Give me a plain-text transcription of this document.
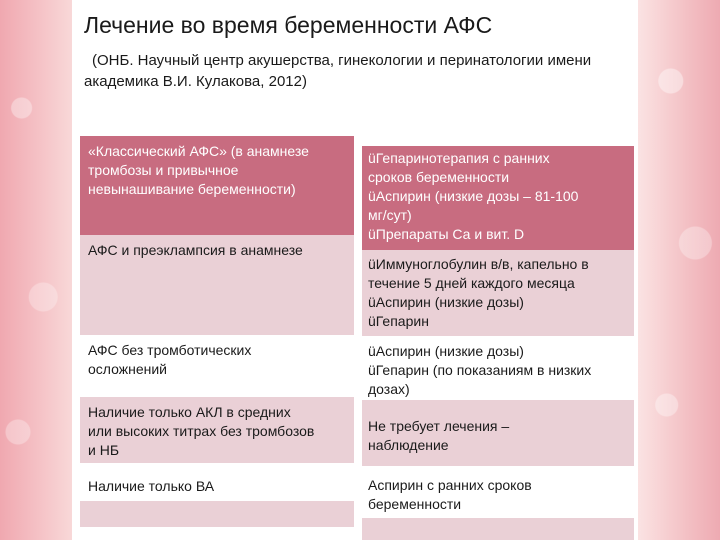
Лечение во время беременности АФС
(ОНБ. Научный центр акушерства, гинекологии и перинатологии имени
академика В.И. Кулакова, 2012)
«Классический АФС» (в анамнезе
тромбозы и привычное
невынашивание беременности)
АФС и преэклампсия в анамнезе
АФС без тромботических
осложнений
Наличие только АКЛ в средних
или высоких титрах без тромбозов
и НБ
Наличие только ВА
üГепаринотерапия с ранних
сроков беременности
üАспирин (низкие дозы – 81-100
мг/сут)
üПрепараты Са и вит. D
üИммуноглобулин в/в, капельно в
течение 5 дней каждого месяца
üАспирин (низкие дозы)
üГепарин
üАспирин (низкие дозы)
üГепарин (по показаниям в низких
дозах)
Не требует лечения –
наблюдение
Аспирин с ранних сроков
беременности
